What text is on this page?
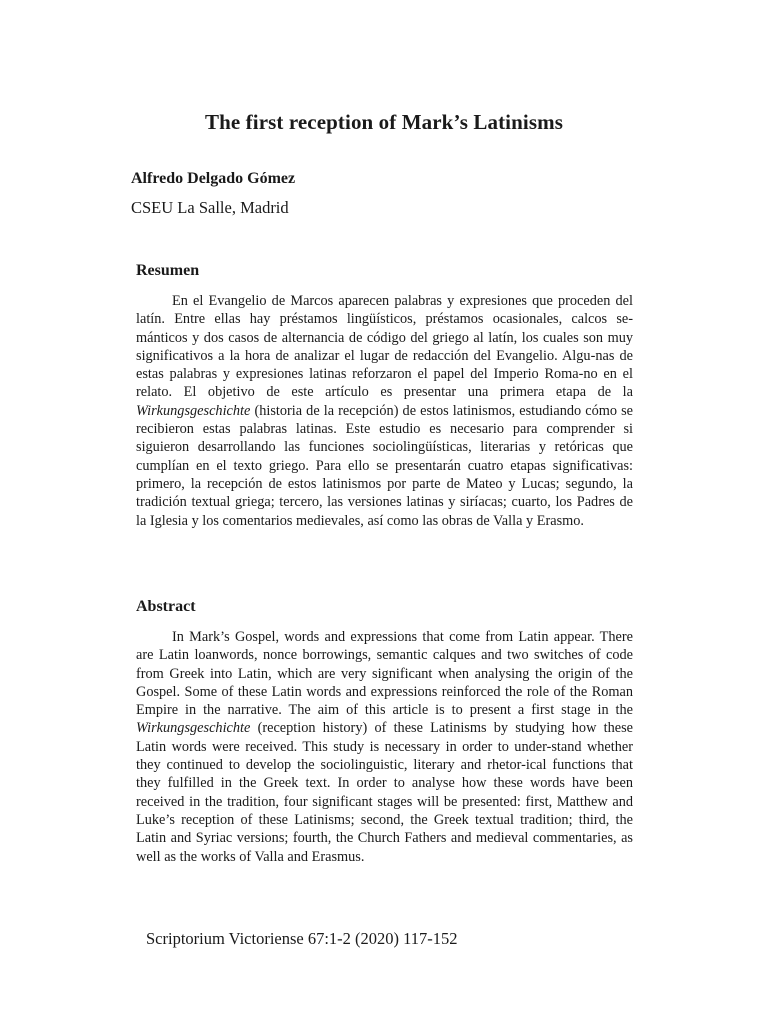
The first reception of Mark’s Latinisms
Alfredo Delgado Gómez
CSEU La Salle, Madrid
Resumen

En el Evangelio de Marcos aparecen palabras y expresiones que proceden del latín. Entre ellas hay préstamos lingüísticos, préstamos ocasionales, calcos se-mánticos y dos casos de alternancia de código del griego al latín, los cuales son muy significativos a la hora de analizar el lugar de redacción del Evangelio. Algu-nas de estas palabras y expresiones latinas reforzaron el papel del Imperio Roma-no en el relato. El objetivo de este artículo es presentar una primera etapa de la Wirkungsgeschichte (historia de la recepción) de estos latinismos, estudiando cómo se recibieron estas palabras latinas. Este estudio es necesario para comprender si siguieron desarrollando las funciones sociolingüísticas, literarias y retóricas que cumplían en el texto griego. Para ello se presentarán cuatro etapas significativas: primero, la recepción de estos latinismos por parte de Mateo y Lucas; segundo, la tradición textual griega; tercero, las versiones latinas y siríacas; cuarto, los Padres de la Iglesia y los comentarios medievales, así como las obras de Valla y Erasmo.

Abstract

In Mark’s Gospel, words and expressions that come from Latin appear. There are Latin loanwords, nonce borrowings, semantic calques and two switches of code from Greek into Latin, which are very significant when analysing the origin of the Gospel. Some of these Latin words and expressions reinforced the role of the Roman Empire in the narrative. The aim of this article is to present a first stage in the Wirkungsgeschichte (reception history) of these Latinisms by studying how these Latin words were received. This study is necessary in order to under-stand whether they continued to develop the sociolinguistic, literary and rhetor-ical functions that they fulfilled in the Greek text. In order to analyse how these words have been received in the tradition, four significant stages will be presented: first, Matthew and Luke’s reception of these Latinisms; second, the Greek textual tradition; third, the Latin and Syriac versions; fourth, the Church Fathers and medieval commentaries, as well as the works of Valla and Erasmus.

Scriptorium Victoriense 67:1-2 (2020) 117-152
